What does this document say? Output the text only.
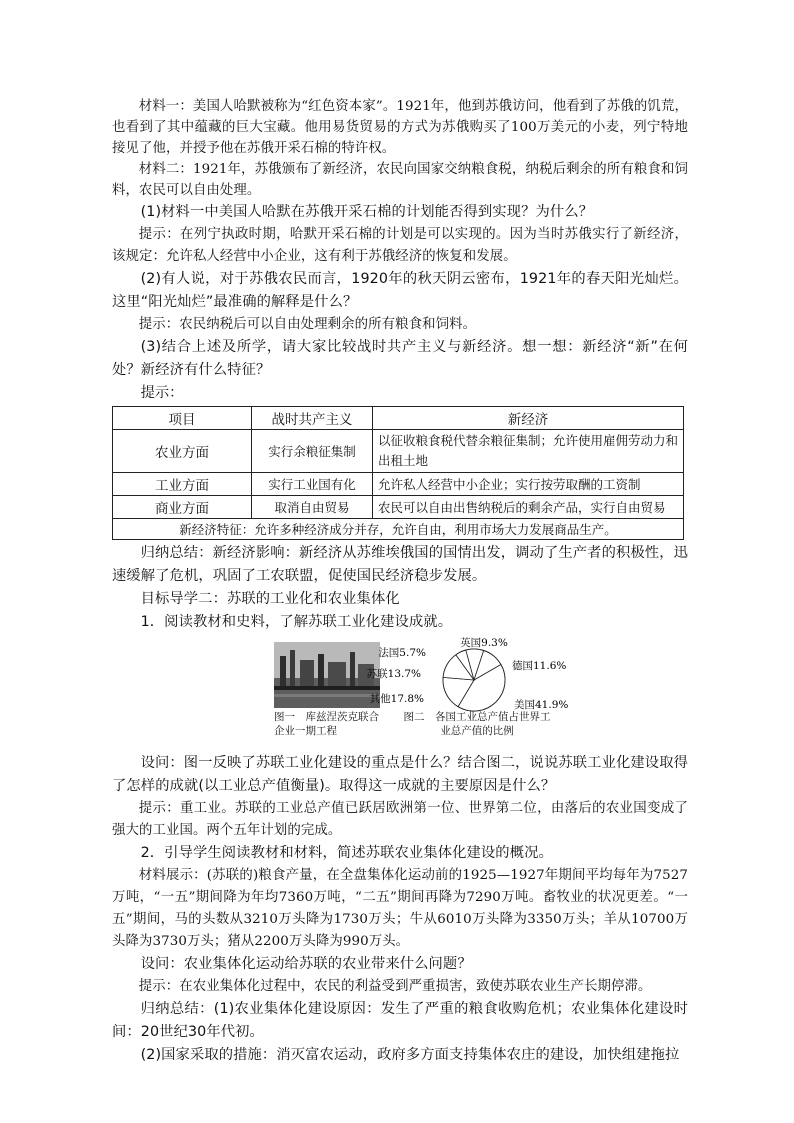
材料一：美国人哈默被称为“红色资本家”。1921年，他到苏俄访问，他看到了苏俄的饥荒，也看到了其中蕴藏的巨大宝藏。他用易货贸易的方式为苏俄购买了100万美元的小麦，列宁特地接见了他，并授予他在苏俄开采石棉的特许权。

材料二：1921年，苏俄颁布了新经济，农民向国家交纳粮食税，纳税后剩余的所有粮食和饲料，农民可以自由处理。

(1)材料一中美国人哈默在苏俄开采石棉的计划能否得到实现？为什么？

提示：在列宁执政时期，哈默开采石棉的计划是可以实现的。因为当时苏俄实行了新经济，该规定：允许私人经营中小企业，这有利于苏俄经济的恢复和发展。

(2)有人说，对于苏俄农民而言，1920年的秋天阴云密布，1921年的春天阳光灿烂。这里“阳光灿烂”最准确的解释是什么？

提示：农民纳税后可以自由处理剩余的所有粮食和饲料。

(3)结合上述及所学，请大家比较战时共产主义与新经济。想一想：新经济“新”在何处？新经济有什么特征？

提示：
项目	战时共产主义	新经济
农业方面	实行余粮征集制	以征收粮食税代替余粮征集制；允许使用雇佣劳动力和出租土地
工业方面	实行工业国有化	允许私人经营中小企业；实行按劳取酬的工资制
商业方面	取消自由贸易	农民可以自由出售纳税后的剩余产品，实行自由贸易
新经济特征：允许多种经济成分并存，允许自由，利用市场大力发展商品生产。		

归纳总结：新经济影响：新经济从苏维埃俄国的国情出发，调动了生产者的积极性，迅速缓解了危机，巩固了工农联盟，促使国民经济稳步发展。

目标导学二：苏联的工业化和农业集体化

1．阅读教材和史料，了解苏联工业化建设成就。

图一　库兹涅茨克联合企业一期工程
美国41.9%
德国11.6%
英国9.3%
法国5.7%
苏联13.7%
其他17.8%
图二　各国工业总产值占世界工业总产值的比例

设问：图一反映了苏联工业化建设的重点是什么？结合图二，说说苏联工业化建设取得了怎样的成就(以工业总产值衡量)。取得这一成就的主要原因是什么？

提示：重工业。苏联的工业总产值已跃居欧洲第一位、世界第二位，由落后的农业国变成了强大的工业国。两个五年计划的完成。

2．引导学生阅读教材和材料，简述苏联农业集体化建设的概况。

材料展示：(苏联的)粮食产量，在全盘集体化运动前的1925—1927年期间平均每年为7527万吨，“一五”期间降为年均7360万吨，“二五”期间再降为7290万吨。畜牧业的状况更差。“一五”期间，马的头数从3210万头降为1730万头；牛从6010万头降为3350万头；羊从10700万头降为3730万头；猪从2200万头降为990万头。

设问：农业集体化运动给苏联的农业带来什么问题？

提示：在农业集体化过程中，农民的利益受到严重损害，致使苏联农业生产长期停滞。

归纳总结：(1)农业集体化建设原因：发生了严重的粮食收购危机；农业集体化建设时间：20世纪30年代初。

(2)国家采取的措施：消灭富农运动，政府多方面支持集体农庄的建设，加快组建拖拉
